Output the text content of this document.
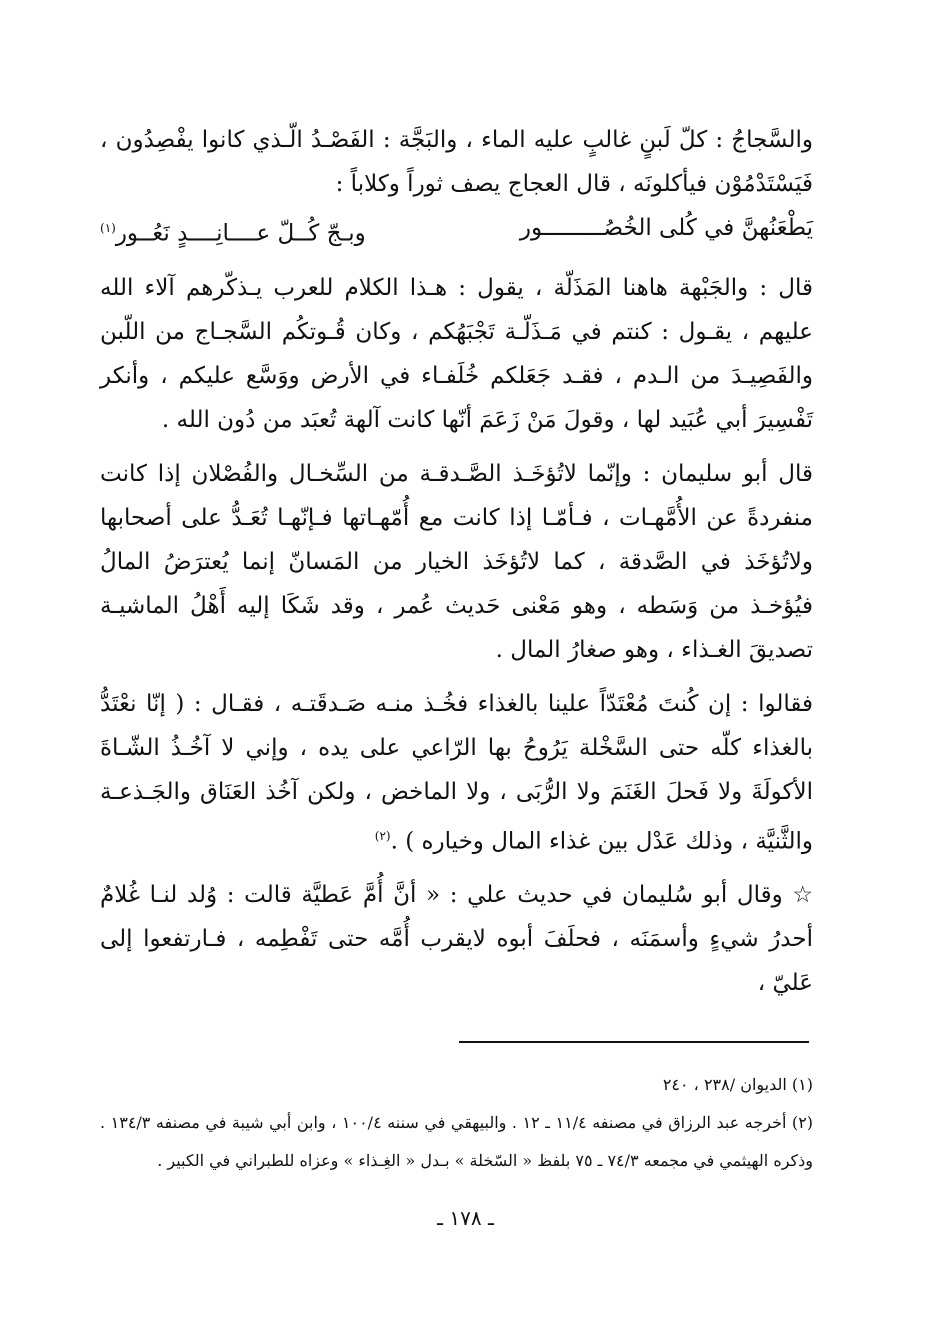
والسَّجاجُ : كلّ لَبنٍ غالبٍ عليه الماء ، والبَجَّة : الفَصْـدُ الّـذي كانوا يفْصِدُون ، فَيَسْتَدْمُوْن فيأكلونَه ، قال العجاج يصف ثوراً وكلاباً :

يَطْعَنُهنَّ في كُلى الخُصُـــــــــور
وبـجّ كُــلّ عــــانِــــدٍ نَعُــور$^{(١)}$

قال : والجَبْهة هاهنا المَذَلّة ، يقول : هـذا الكلام للعرب يـذكّرهم آلاء الله عليهم ، يقـول : كنتم في مَـذَلّـة تَجْبَهُكم ، وكان قُـوتكُم السَّجـاج من اللّبن والفَصِيـدَ من الـدم ، فقـد جَعَلكم خُلَفـاء في الأرض ووَسَّع عليكم ، وأنكر تَفْسِيرَ أبي عُبَيد لها ، وقولَ مَنْ زَعَمَ أنّها كانت آلهة تُعبَد من دُون الله .

قال أبو سليمان : وإنّما لاتُؤخَـذ الصَّـدقـة من السِّخـال والفُصْلان إذا كانت منفردةً عن الأُمَّهـات ، فـأمّـا إذا كانت مع أُمّهـاتها فـإنّهـا تُعَـدُّ على أصحابها ولاتُؤخَذ في الصَّدقة ، كما لاتُؤخَذ الخيار من المَسانّ إنما يُعترَضُ المالُ فيُؤخـذ من وَسَطه ، وهو مَعْنى حَديث عُمر ، وقد شَكَا إليه أَهْلُ الماشيـة تصديقَ الغـذاء ، وهو صغارُ المال .

فقالوا : إن كُنتَ مُعْتَدّاً علينا بالغذاء فخُـذ منـه صَـدقَتـه ، فقـال : ( إنّا نعْتَدُّ بالغذاء كلّه حتى السَّخْلة يَرُوحُ بها الرّاعي على يده ، وإني لا آخُـذُ الشّـاةَ الأكولَةَ ولا فَحلَ الغَنَمَ ولا الرُّبَى ، ولا الماخض ، ولكن آخُذ العَنَاق والجَـذعـة والثَّنيَّة ، وذلك عَدْل بين غذاء المال وخياره ) .$^{(٢)}$

☆ وقال أبو سُليمان في حديث علي : « أنَّ أُمَّ عَطيَّة قالت : وُلد لنـا غُلامٌ أحدرُ شيءٍ وأسمَنَه ، فحلَفَ أبوه لايقرب أُمَّه حتى تَفْطِمه ، فـارتفعوا إلى عَليّ ،

(١) الديوان /٢٣٨ ، ٢٤٠

(٢) أخرجه عبد الرزاق في مصنفه ١١/٤ ـ ١٢ . والبيهقي في سننه ١٠٠/٤ ، وابن أبي شيبة في مصنفه ١٣٤/٣ . وذكره الهيثمي في مجمعه ٧٤/٣ ـ ٧٥ بلفظ « السّخلة » بـدل « الغِـذاء » وعزاه للطبراني في الكبير .

ـ ١٧٨ ـ
